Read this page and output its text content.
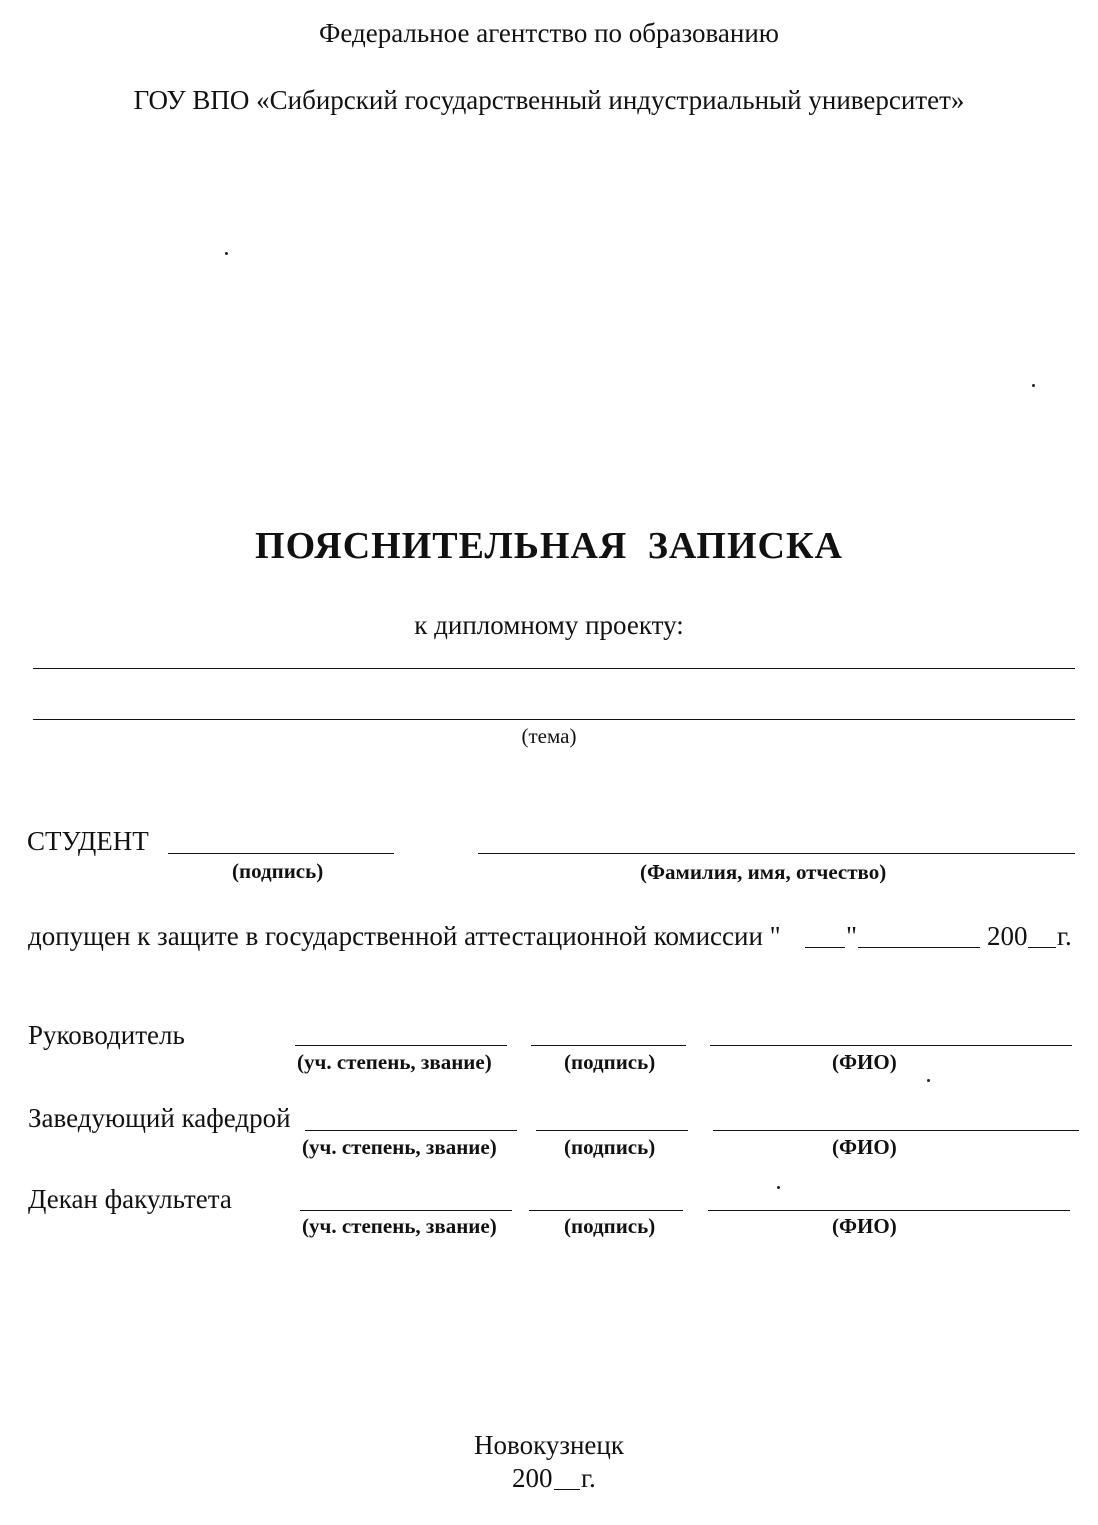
Федеральное агентство по образованию
ГОУ ВПО «Сибирский государственный индустриальный университет»
ПОЯСНИТЕЛЬНАЯ ЗАПИСКА
к дипломному проекту:
(тема)
СТУДЕНТ
(подпись)	(Фамилия, имя, отчество)
допущен к защите в государственной аттестационной комиссии " "	200 г.
Руководитель
(уч. степень, звание)	(подпись)	(ФИО)
Заведующий кафедрой
(уч. степень, звание)	(подпись)	(ФИО)
Декан факультета
(уч. степень, звание)	(подпись)	(ФИО)
Новокузнецк
200 г.
